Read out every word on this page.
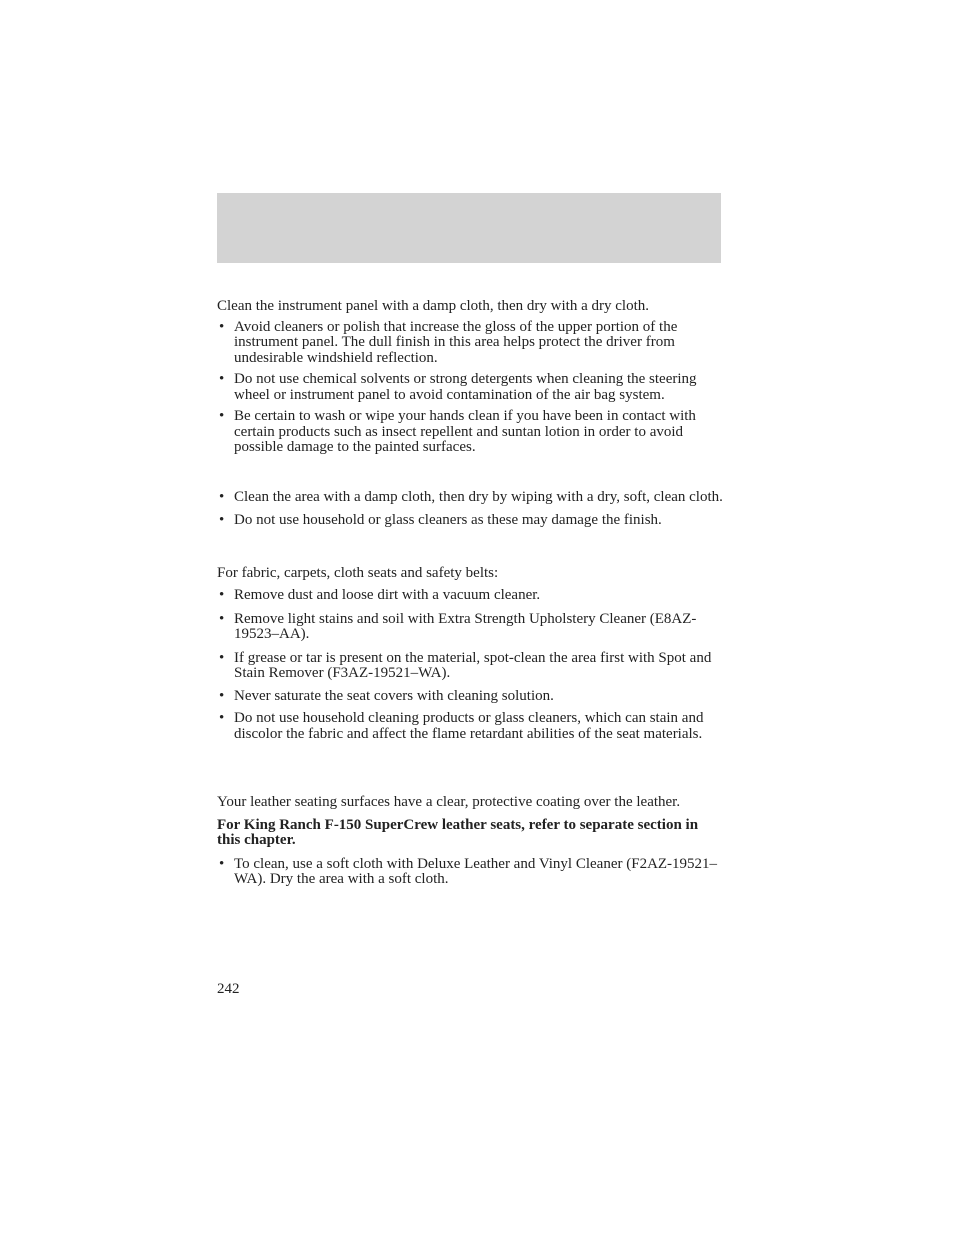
Clean the instrument panel with a damp cloth, then dry with a dry cloth.

• Avoid cleaners or polish that increase the gloss of the upper portion of the instrument panel. The dull finish in this area helps protect the driver from undesirable windshield reflection.
• Do not use chemical solvents or strong detergents when cleaning the steering wheel or instrument panel to avoid contamination of the air bag system.
• Be certain to wash or wipe your hands clean if you have been in contact with certain products such as insect repellent and suntan lotion in order to avoid possible damage to the painted surfaces.
• Clean the area with a damp cloth, then dry by wiping with a dry, soft, clean cloth.
• Do not use household or glass cleaners as these may damage the finish.

For fabric, carpets, cloth seats and safety belts:

• Remove dust and loose dirt with a vacuum cleaner.
• Remove light stains and soil with Extra Strength Upholstery Cleaner (E8AZ-19523–AA).
• If grease or tar is present on the material, spot-clean the area first with Spot and Stain Remover (F3AZ-19521–WA).
• Never saturate the seat covers with cleaning solution.
• Do not use household cleaning products or glass cleaners, which can stain and discolor the fabric and affect the flame retardant abilities of the seat materials.

Your leather seating surfaces have a clear, protective coating over the leather.

For King Ranch F-150 SuperCrew leather seats, refer to separate section in this chapter.

• To clean, use a soft cloth with Deluxe Leather and Vinyl Cleaner (F2AZ-19521–WA). Dry the area with a soft cloth.
242
